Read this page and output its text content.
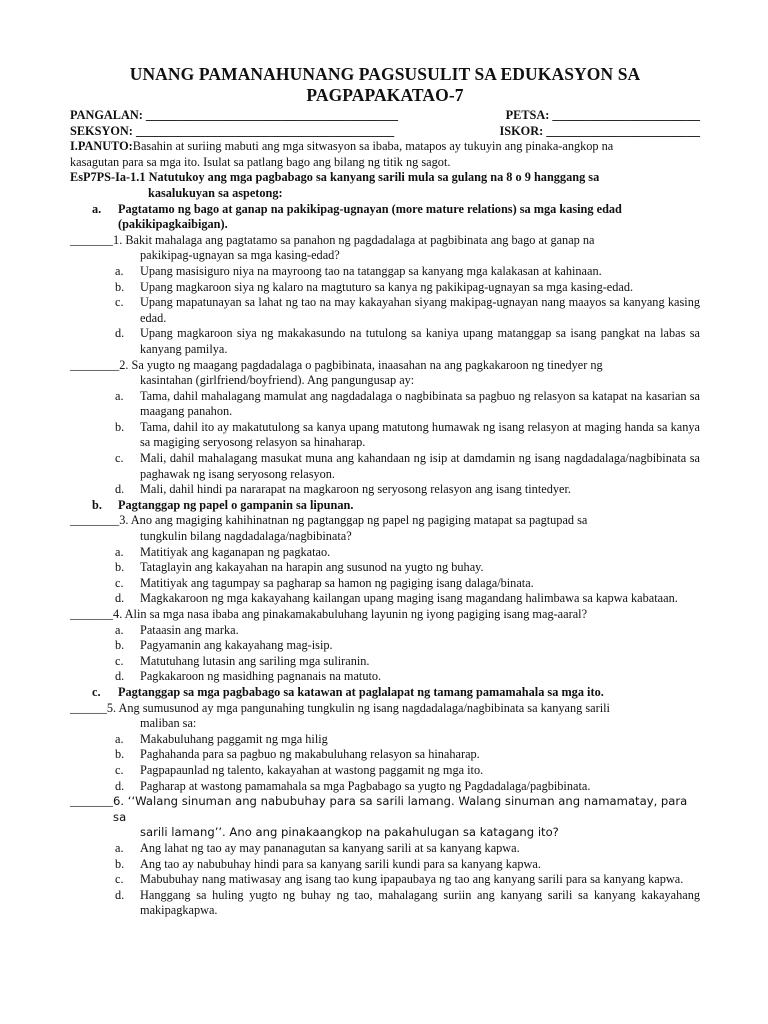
UNANG PAMANAHUNANG PAGSUSULIT SA EDUKASYON SA
PAGPAPAKATAO-7
PANGALAN: _________________________________________	PETSA: ________________________
SEKSYON: __________________________________________	ISKOR: _________________________
I.PANUTO: Basahin at suriing mabuti ang mga sitwasyon sa ibaba, matapos ay tukuyin ang pinaka-angkop na
kasagutan para sa mga ito. Isulat sa patlang bago ang bilang ng titik ng sagot.
EsP7PS-Ia-1.1 Natutukoy ang mga pagbabago sa kanyang sarili mula sa gulang na 8 o 9 hanggang sa
kasalukuyan sa aspetong:
a.	Pagtatamo ng bago at ganap na pakikipag-ugnayan (more mature relations) sa mga kasing edad (pakikipagkaibigan).
_______ 1. Bakit mahalaga ang pagtatamo sa panahon ng pagdadalaga at pagbibinata ang bago at ganap na
pakikipag-ugnayan sa mga kasing-edad?
a.	Upang masisiguro niya na mayroong tao na tatanggap sa kanyang mga kalakasan at kahinaan.
b.	Upang magkaroon siya ng kalaro na magtuturo sa kanya ng pakikipag-ugnayan sa mga kasing-edad.
c.	Upang mapatunayan sa lahat ng tao na may kakayahan siyang makipag-ugnayan nang maayos sa kanyang kasing edad.
d.	Upang magkaroon siya ng makakasundo na tutulong sa kaniya upang matanggap sa isang pangkat na labas sa kanyang pamilya.
________ 2. Sa yugto ng maagang pagdadalaga o pagbibinata, inaasahan na ang pagkakaroon ng tinedyer ng
kasintahan (girlfriend/boyfriend). Ang pangungusap ay:
a.	Tama, dahil mahalagang mamulat ang nagdadalaga o nagbibinata sa pagbuo ng relasyon sa katapat na kasarian sa maagang panahon.
b.	Tama, dahil ito ay makatutulong sa kanya upang matutong humawak ng isang relasyon at maging handa sa kanya sa magiging seryosong relasyon sa hinaharap.
c.	Mali, dahil mahalagang masukat muna ang kahandaan ng isip at damdamin ng isang nagdadalaga/nagbibinata sa paghawak ng isang seryosong relasyon.
d.	Mali, dahil hindi pa nararapat na magkaroon ng seryosong relasyon ang isang tintedyer.
b.	Pagtanggap ng papel o gampanin sa lipunan.
________ 3. Ano ang magiging kahihinatnan ng pagtanggap ng papel ng pagiging matapat sa pagtupad sa
tungkulin bilang nagdadalaga/nagbibinata?
a.	Matitiyak ang kaganapan ng pagkatao.
b.	Tataglayin ang kakayahan na harapin ang susunod na yugto ng buhay.
c.	Matitiyak ang tagumpay sa pagharap sa hamon ng pagiging isang dalaga/binata.
d.	Magkakaroon ng mga kakayahang kailangan upang maging isang magandang halimbawa sa kapwa kabataan.
_______ 4. Alin sa mga nasa ibaba ang pinakamakabuluhang layunin ng iyong pagiging isang mag-aaral?
a.	Pataasin ang marka.
b.	Pagyamanin ang kakayahang mag-isip.
c.	Matutuhang lutasin ang sariling mga suliranin.
d.	Pagkakaroon ng masidhing pagnanais na matuto.
c.	Pagtanggap sa mga pagbabago sa katawan at paglalapat ng tamang pamamahala sa mga ito.
______ 5. Ang sumusunod ay mga pangunahing tungkulin ng isang nagdadalaga/nagbibinata sa kanyang sarili
maliban sa:
a.	Makabuluhang paggamit ng mga hilig
b.	Paghahanda para sa pagbuo ng makabuluhang relasyon sa hinaharap.
c.	Pagpapaunlad ng talento, kakayahan at wastong paggamit ng mga ito.
d.	Pagharap at wastong pamamahala sa mga Pagbabago sa yugto ng Pagdadalaga/pagbibinata.
_______ 6. ‘‘Walang sinuman ang nabubuhay para sa sarili lamang. Walang sinuman ang namamatay, para sa
sarili lamang’’. Ano ang pinakaangkop na pakahulugan sa katagang ito?
a.	Ang lahat ng tao ay may pananagutan sa kanyang sarili at sa kanyang kapwa.
b.	Ang tao ay nabubuhay hindi para sa kanyang sarili kundi para sa kanyang kapwa.
c.	Mabubuhay nang matiwasay ang isang tao kung ipapaubaya ng tao ang kanyang sarili para sa kanyang kapwa.
d.	Hanggang sa huling yugto ng buhay ng tao, mahalagang suriin ang kanyang sarili sa kanyang kakayahang makipagkapwa.
